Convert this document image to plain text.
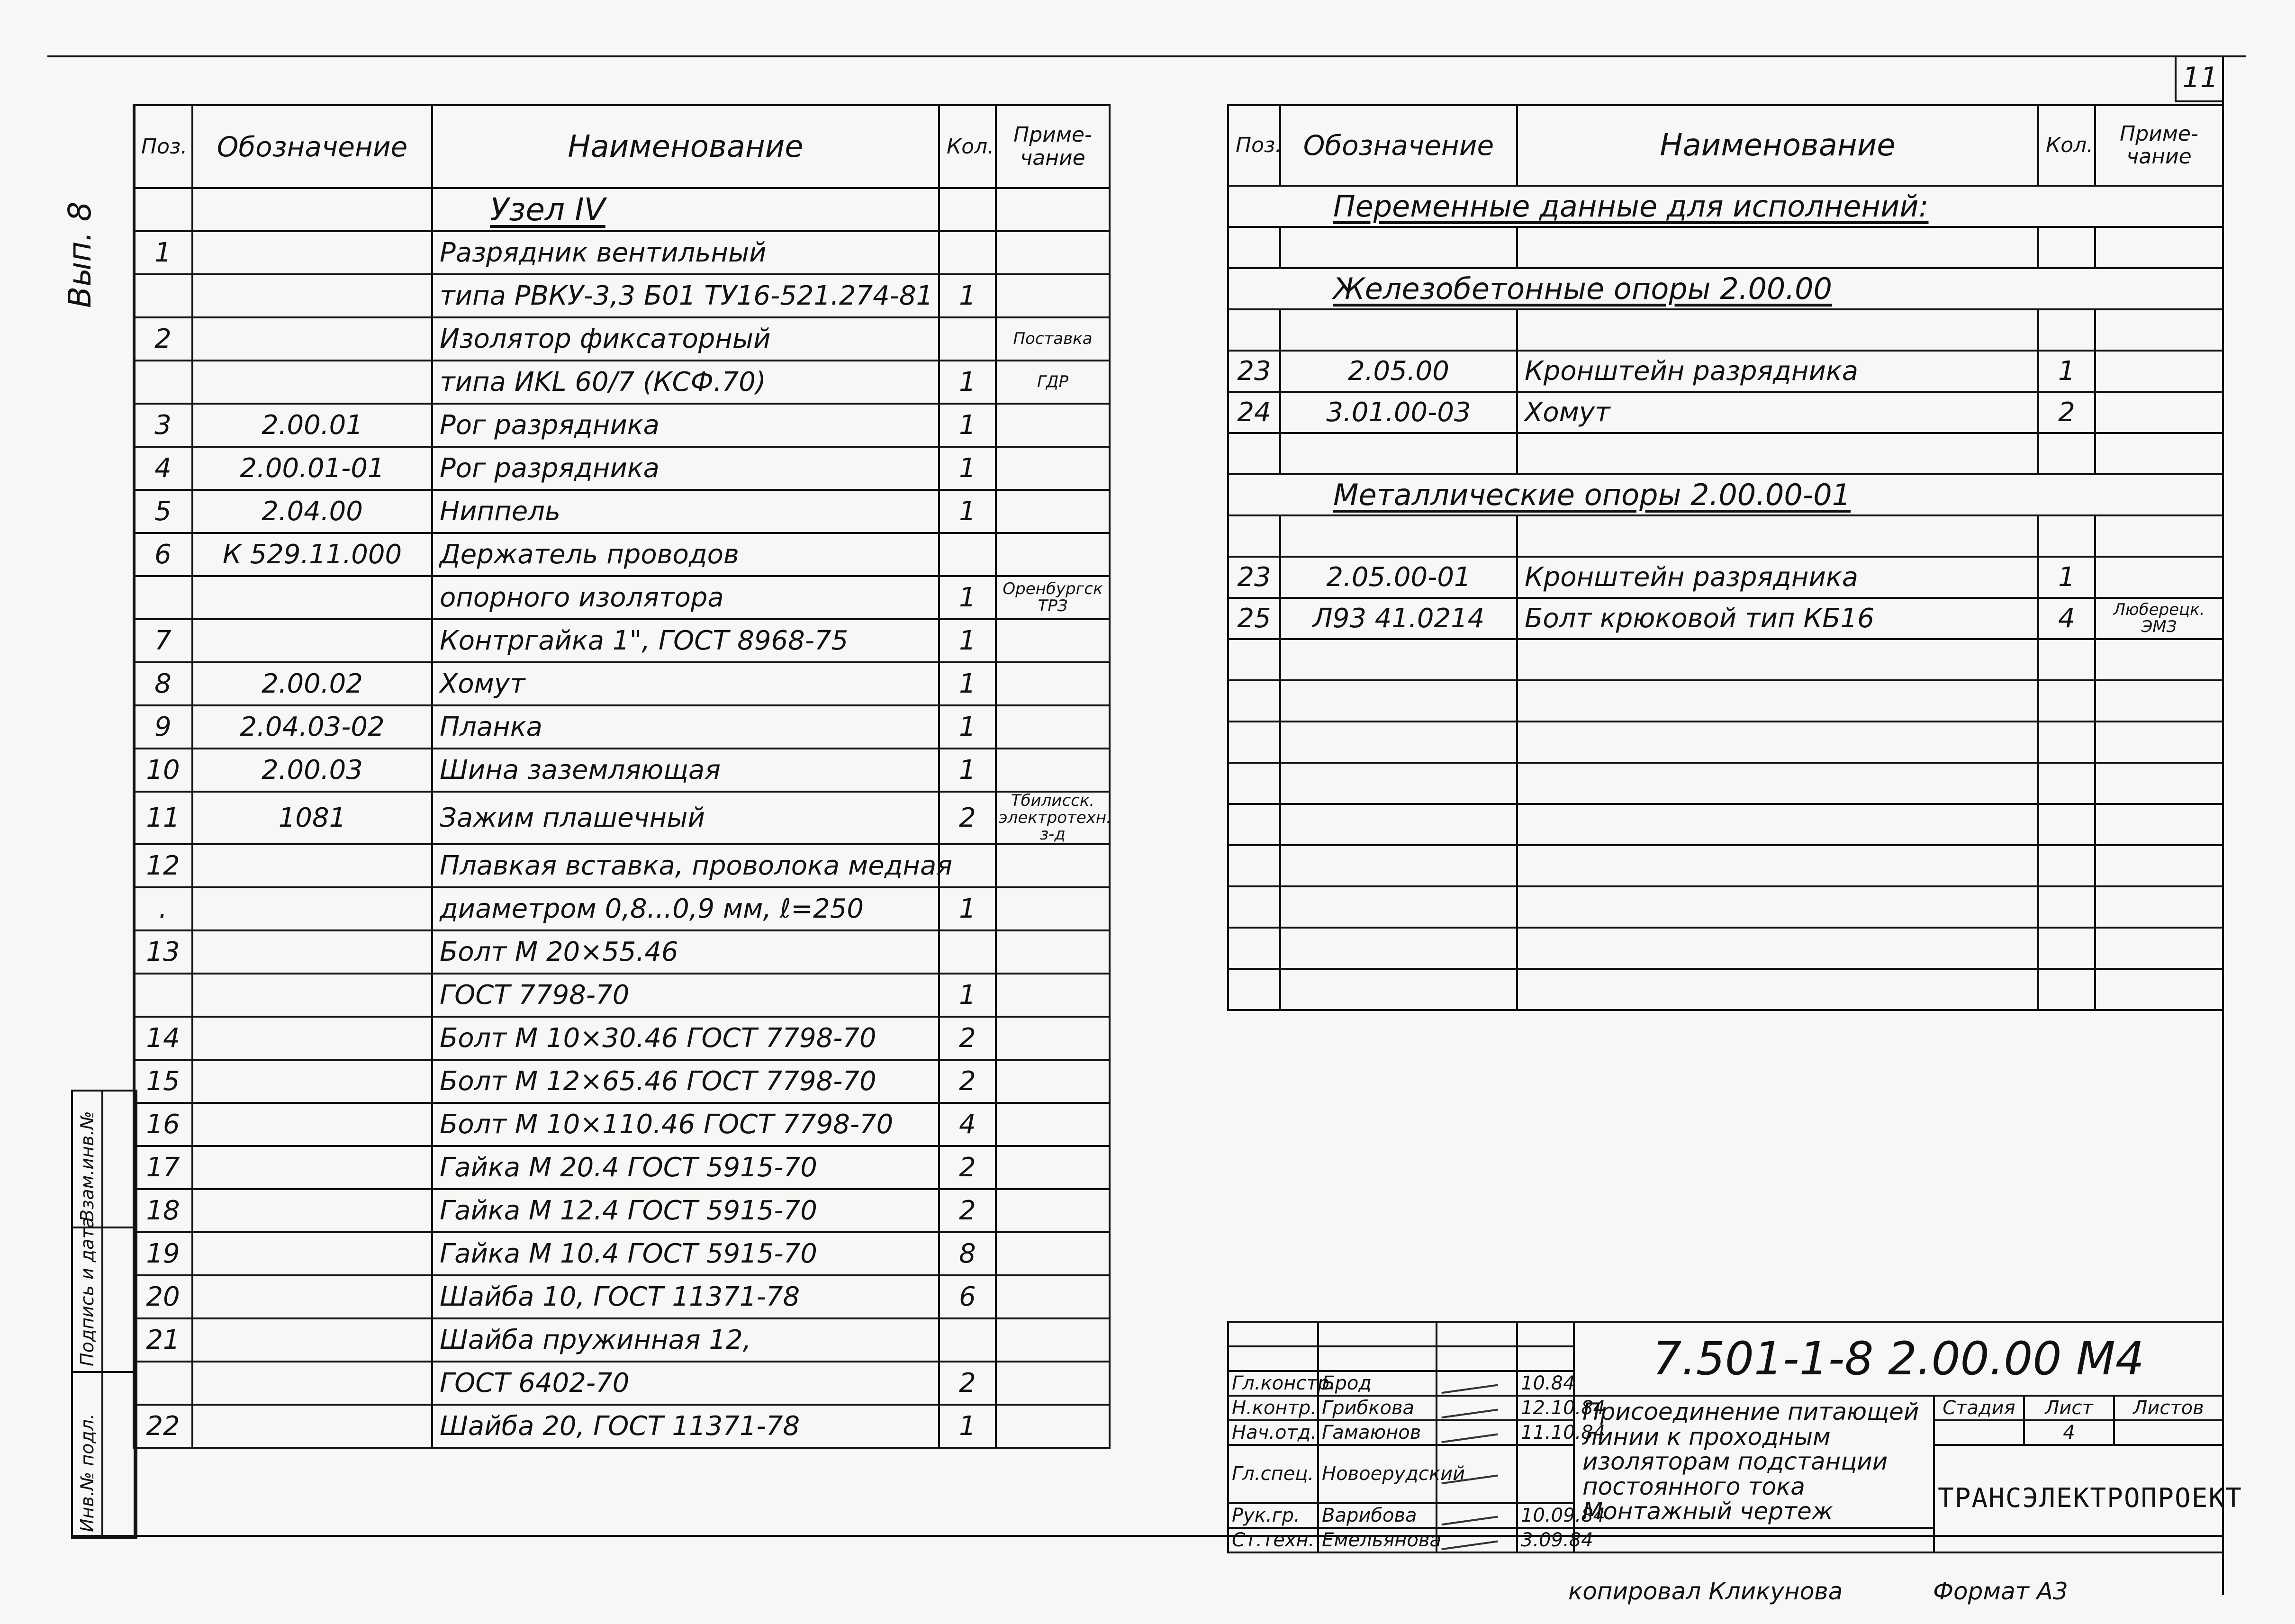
11
Вып. 8
Взам.инв.№
Подпись и дата
Инв.№ подл.
Поз.	Обозначение	Наименование	Кол.	Приме-
чание
		Узел IV		
1		Разрядник вентильный		
		типа РВКУ-3,3 Б01 ТУ16-521.274-81	1	
2		Изолятор фиксаторный		Поставка
		типа ИKL 60/7 (КСФ.70)	1	ГДР
3	2.00.01	Рог разрядника	1	
4	2.00.01-01	Рог разрядника	1	
5	2.04.00	Ниппель	1	
6	К 529.11.000	Держатель проводов		
		опорного изолятора	1	Оренбургск ТРЗ
7		Контргайка 1", ГОСТ 8968-75	1	
8	2.00.02	Хомут	1	
9	2.04.03-02	Планка	1	
10	2.00.03	Шина заземляющая	1	
11	1081	Зажим плашечный	2	Тбилисск. электротехн. з-д
12		Плавкая вставка, проволока медная		
.		диаметром 0,8...0,9 мм, ℓ=250	1	
13		Болт М 20×55.46		
		ГОСТ 7798-70	1	
14		Болт М 10×30.46 ГОСТ 7798-70	2	
15		Болт М 12×65.46 ГОСТ 7798-70	2	
16		Болт М 10×110.46 ГОСТ 7798-70	4	
17		Гайка М 20.4 ГОСТ 5915-70	2	
18		Гайка М 12.4 ГОСТ 5915-70	2	
19		Гайка М 10.4 ГОСТ 5915-70	8	
20		Шайба 10, ГОСТ 11371-78	6	
21		Шайба пружинная 12,		
		ГОСТ 6402-70	2	
22		Шайба 20, ГОСТ 11371-78	1	
Поз.	Обозначение	Наименование	Кол.	Приме-
чание
Переменные данные для исполнений:				

Железобетонные опоры 2.00.00				

23	2.05.00	Кронштейн разрядника	1	
24	3.01.00-03	Хомут	2	

Металлические опоры 2.00.00-01				

23	2.05.00-01	Кронштейн разрядника	1	
25	Л93 41.0214	Болт крюковой тип КБ16	4	Люберецк. ЭМЗ

				7.501-1-8 2.00.00 М4			

Гл.констр.	Брод		10.84				
Н.контр.	Грибкова		12.10.84	Присоединение питающей линии к проходным изоляторам подстанции постоянного тока Монтажный чертеж	Стадия	Лист	Листов
Нач.отд.	Гамаюнов		11.10.84			4	
Гл.спец.	Новоерудский				ТРАНСЭЛЕКТРОПРОЕКТ		
Рук.гр.	Варибова		10.09.84				
Ст.техн.	Емельянова		3.09.84				
копировал Кликунова	Формат А3
